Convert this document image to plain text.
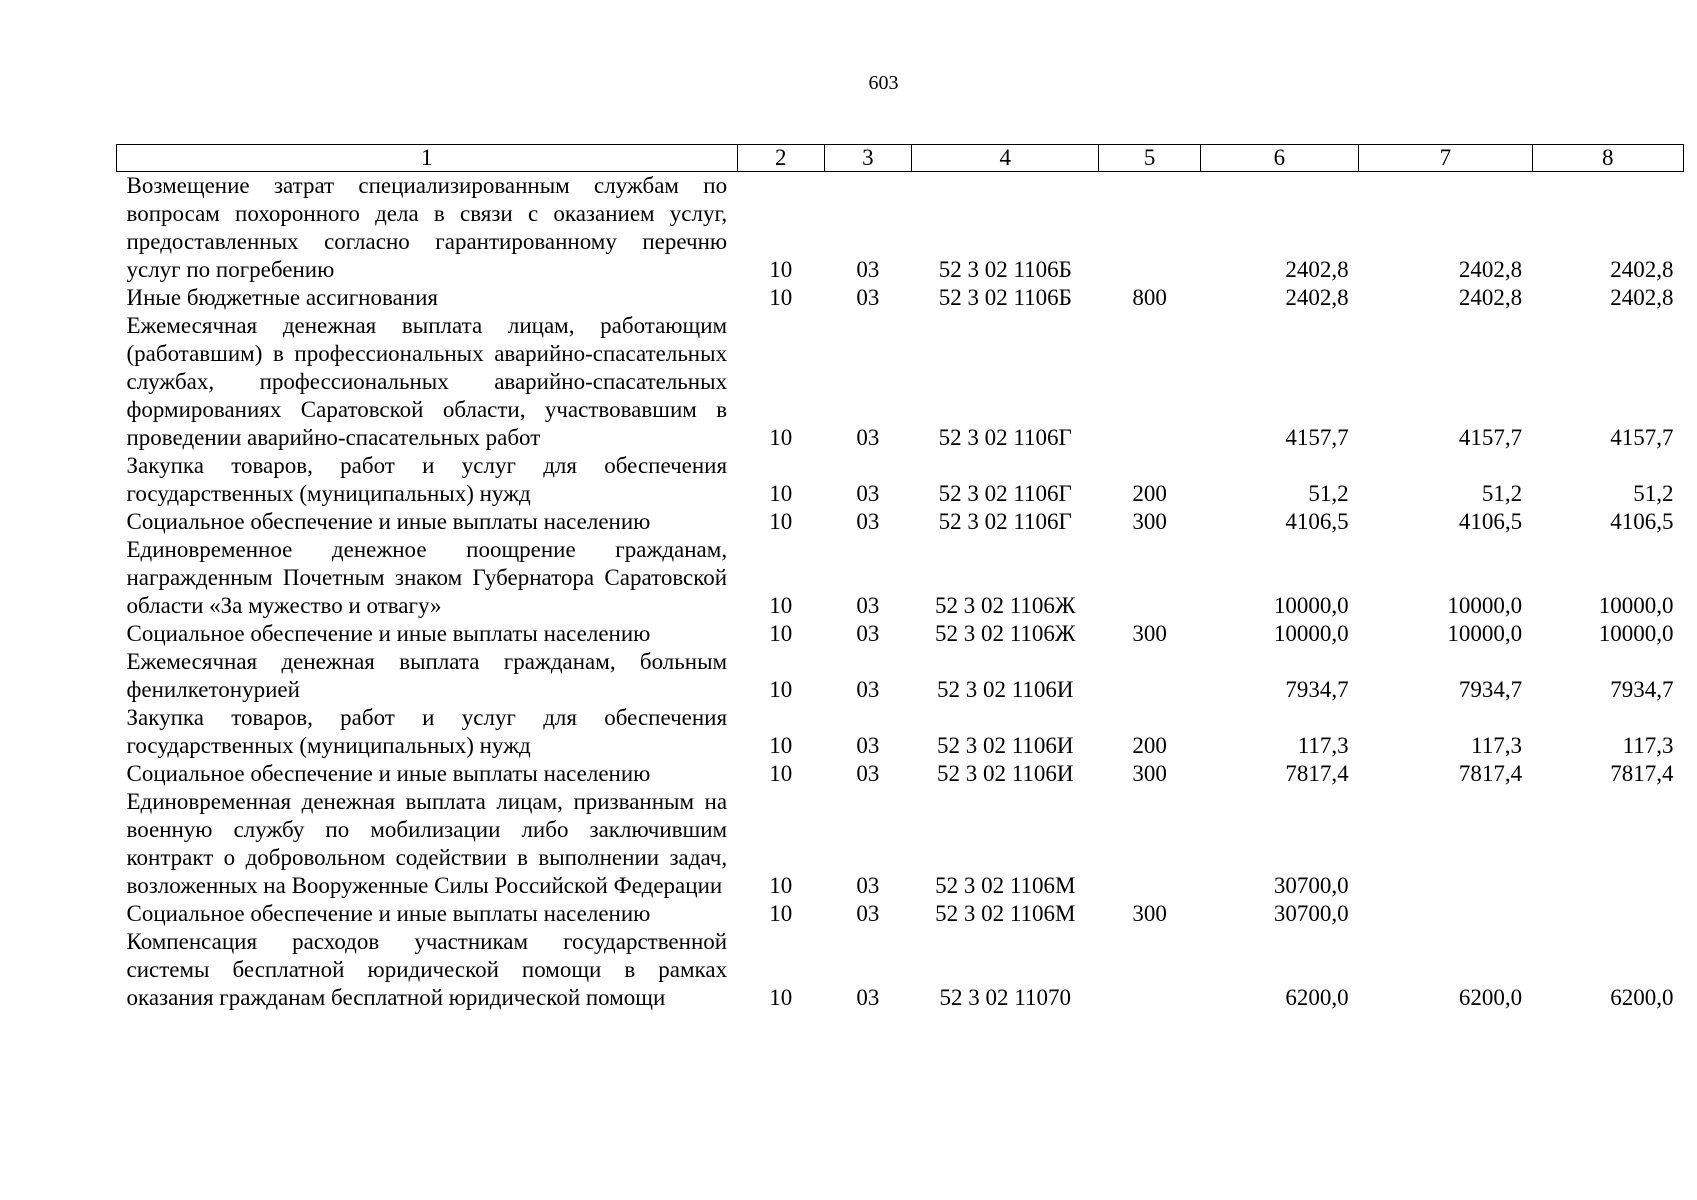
603
1	2	3	4	5	6	7	8
Возмещение затрат специализированным службам по вопросам похоронного дела в связи с оказанием услуг, предоставленных согласно гарантированному перечню услуг по погребению	10	03	52 3 02 1106Б		2402,8	2402,8	2402,8
Иные бюджетные ассигнования	10	03	52 3 02 1106Б	800	2402,8	2402,8	2402,8
Ежемесячная денежная выплата лицам, работающим (работавшим) в профессиональных аварийно-спасательных службах, профессиональных аварийно-спасательных формированиях Саратовской области, участвовавшим в проведении аварийно-спасательных работ	10	03	52 3 02 1106Г		4157,7	4157,7	4157,7
Закупка товаров, работ и услуг для обеспечения государственных (муниципальных) нужд	10	03	52 3 02 1106Г	200	51,2	51,2	51,2
Социальное обеспечение и иные выплаты населению	10	03	52 3 02 1106Г	300	4106,5	4106,5	4106,5
Единовременное денежное поощрение гражданам, награжденным Почетным знаком Губернатора Саратовской области «За мужество и отвагу»	10	03	52 3 02 1106Ж		10000,0	10000,0	10000,0
Социальное обеспечение и иные выплаты населению	10	03	52 3 02 1106Ж	300	10000,0	10000,0	10000,0
Ежемесячная денежная выплата гражданам, больным фенилкетонурией	10	03	52 3 02 1106И		7934,7	7934,7	7934,7
Закупка товаров, работ и услуг для обеспечения государственных (муниципальных) нужд	10	03	52 3 02 1106И	200	117,3	117,3	117,3
Социальное обеспечение и иные выплаты населению	10	03	52 3 02 1106И	300	7817,4	7817,4	7817,4
Единовременная денежная выплата лицам, призванным на военную службу по мобилизации либо заключившим контракт о добровольном содействии в выполнении задач, возложенных на Вооруженные Силы Российской Федерации	10	03	52 3 02 1106М		30700,0		
Социальное обеспечение и иные выплаты населению	10	03	52 3 02 1106М	300	30700,0		
Компенсация расходов участникам государственной системы бесплатной юридической помощи в рамках оказания гражданам бесплатной юридической помощи	10	03	52 3 02 11070		6200,0	6200,0	6200,0
